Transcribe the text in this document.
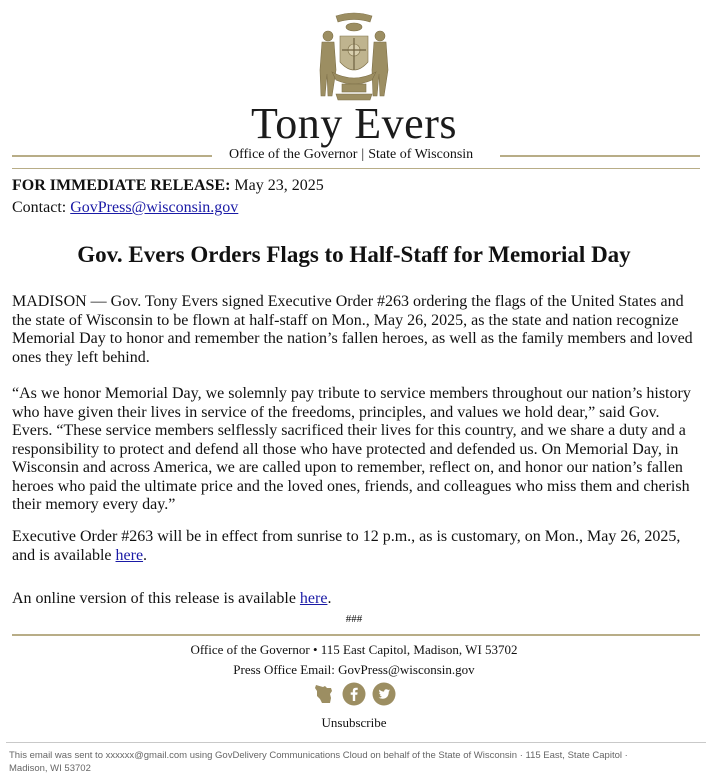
Tony Evers
Office of the Governor | State of Wisconsin
FOR IMMEDIATE RELEASE: May 23, 2025
Contact: GovPress@wisconsin.gov
Gov. Evers Orders Flags to Half-Staff for Memorial Day
MADISON — Gov. Tony Evers signed Executive Order #263 ordering the flags of the United States and the state of Wisconsin to be flown at half-staff on Mon., May 26, 2025, as the state and nation recognize Memorial Day to honor and remember the nation’s fallen heroes, as well as the family members and loved ones they left behind.
“As we honor Memorial Day, we solemnly pay tribute to service members throughout our nation’s history who have given their lives in service of the freedoms, principles, and values we hold dear,” said Gov. Evers. “These service members selflessly sacrificed their lives for this country, and we share a duty and a responsibility to protect and defend all those who have protected and defended us. On Memorial Day, in Wisconsin and across America, we are called upon to remember, reflect on, and honor our nation’s fallen heroes who paid the ultimate price and the loved ones, friends, and colleagues who miss them and cherish their memory every day.”
Executive Order #263 will be in effect from sunrise to 12 p.m., as is customary, on Mon., May 26, 2025, and is available here.
An online version of this release is available here.
###
Office of the Governor • 115 East Capitol, Madison, WI 53702
Press Office Email: GovPress@wisconsin.gov

Unsubscribe
This email was sent to xxxxxx@gmail.com using GovDelivery Communications Cloud on behalf of the State of Wisconsin · 115 East, State Capitol · Madison, WI 53702
